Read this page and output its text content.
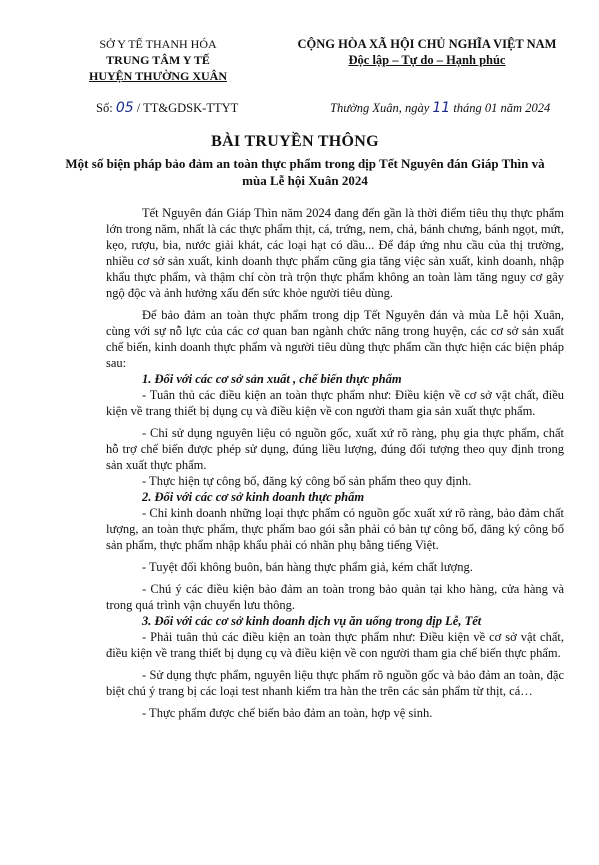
SỞ Y TẾ THANH HÓA
TRUNG TÂM Y TẾ
HUYỆN THƯỜNG XUÂN
CỘNG HÒA XÃ HỘI CHỦ NGHĨA VIỆT NAM
Độc lập – Tự do – Hạnh phúc
Số: 05 / TT&GDSK-TTYT	Thường Xuân, ngày 11 tháng 01 năm 2024
BÀI TRUYỀN THÔNG
Một số biện pháp bảo đảm an toàn thực phẩm trong dịp Tết Nguyên đán Giáp Thìn và mùa Lễ hội Xuân 2024

Tết Nguyên đán Giáp Thìn năm 2024 đang đến gần là thời điểm tiêu thụ thực phẩm lớn trong năm, nhất là các thực phẩm thịt, cá, trứng, nem, chả, bánh chưng, bánh ngọt, mứt, kẹo, rượu, bia, nước giải khát, các loại hạt có dầu... Để đáp ứng nhu cầu của thị trường, nhiều cơ sở sản xuất, kinh doanh thực phẩm cũng gia tăng việc sản xuất, kinh doanh, nhập khẩu thực phẩm, và thậm chí còn trà trộn thực phẩm không an toàn làm tăng nguy cơ gây ngộ độc và ảnh hưởng xấu đến sức khỏe người tiêu dùng.

Để bảo đảm an toàn thực phẩm trong dịp Tết Nguyên đán và mùa Lễ hội Xuân, cùng với sự nỗ lực của các cơ quan ban ngành chức năng trong huyện, các cơ sở sản xuất chế biến, kinh doanh thực phẩm và người tiêu dùng thực phẩm cần thực hiện các biện pháp sau:

1. Đối với các cơ sở sản xuất , chế biến thực phẩm

- Tuân thủ các điều kiện an toàn thực phẩm như: Điều kiện về cơ sở vật chất, điều kiện về trang thiết bị dụng cụ và điều kiện về con người tham gia sản xuất thực phẩm.

- Chỉ sử dụng nguyên liệu có nguồn gốc, xuất xứ rõ ràng, phụ gia thực phẩm, chất hỗ trợ chế biến được phép sử dụng, đúng liều lượng, đúng đối tượng theo quy định trong sản xuất thực phẩm.

- Thực hiện tự công bố, đăng ký công bố sản phẩm theo quy định.

2. Đối với các cơ sở kinh doanh thực phẩm

- Chỉ kinh doanh những loại thực phẩm có nguồn gốc xuất xứ rõ ràng, bảo đảm chất lượng, an toàn thực phẩm, thực phẩm bao gói sẵn phải có bản tự công bố, đăng ký công bố sản phẩm, thực phẩm nhập khẩu phải có nhãn phụ bằng tiếng Việt.

- Tuyệt đối không buôn, bán hàng thực phẩm giả, kém chất lượng.

- Chú ý các điều kiện bảo đảm an toàn trong bảo quản tại kho hàng, cửa hàng và trong quá trình vận chuyển lưu thông.

3. Đối với các cơ sở kinh doanh dịch vụ ăn uống trong dịp Lễ, Tết

- Phải tuân thủ các điều kiện an toàn thực phẩm như: Điều kiện về cơ sở vật chất, điều kiện về trang thiết bị dụng cụ và điều kiện về con người tham gia chế biến thực phẩm.

- Sử dụng thực phẩm, nguyên liệu thực phẩm rõ nguồn gốc và bảo đảm an toàn, đặc biệt chú ý trang bị các loại test nhanh kiểm tra hàn the trên các sản phẩm từ thịt, cá…

- Thực phẩm được chế biến bảo đảm an toàn, hợp vệ sinh.
